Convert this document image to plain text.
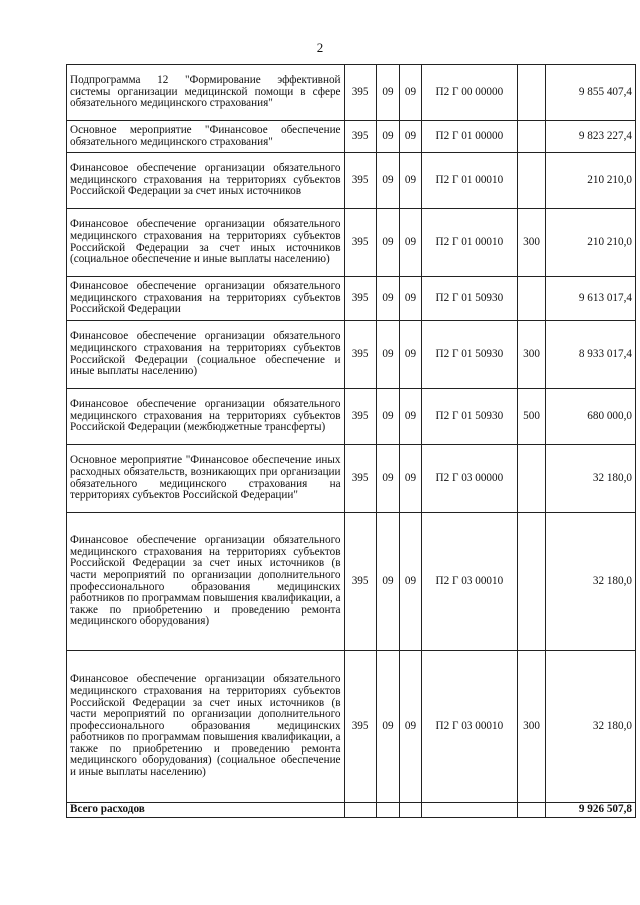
2
Подпрограмма 12 "Формирование эффективной системы организации медицинской помощи в сфере обязательного медицинского страхования"	395	09	09	П2 Г 00 00000		9 855 407,4
Основное мероприятие "Финансовое обеспечение обязательного медицинского страхования"	395	09	09	П2 Г 01 00000		9 823 227,4
Финансовое обеспечение организации обязательного медицинского страхования на территориях субъектов Российской Федерации за счет иных источников	395	09	09	П2 Г 01 00010		210 210,0
Финансовое обеспечение организации обязательного медицинского страхования на территориях субъектов Российской Федерации за счет иных источников (социальное обеспечение и иные выплаты населению)	395	09	09	П2 Г 01 00010	300	210 210,0
Финансовое обеспечение организации обязательного медицинского страхования на территориях субъектов Российской Федерации	395	09	09	П2 Г 01 50930		9 613 017,4
Финансовое обеспечение организации обязательного медицинского страхования на территориях субъектов Российской Федерации (социальное обеспечение и иные выплаты населению)	395	09	09	П2 Г 01 50930	300	8 933 017,4
Финансовое обеспечение организации обязательного медицинского страхования на территориях субъектов Российской Федерации (межбюджетные трансферты)	395	09	09	П2 Г 01 50930	500	680 000,0
Основное мероприятие "Финансовое обеспечение иных расходных обязательств, возникающих при организации обязательного медицинского страхования на территориях субъектов Российской Федерации"	395	09	09	П2 Г 03 00000		32 180,0
Финансовое обеспечение организации обязательного медицинского страхования на территориях субъектов Российской Федерации за счет иных источников (в части мероприятий по организации дополнительного профессионального образования медицинских работников по программам повышения квалификации, а также по приобретению и проведению ремонта медицинского оборудования)	395	09	09	П2 Г 03 00010		32 180,0
Финансовое обеспечение организации обязательного медицинского страхования на территориях субъектов Российской Федерации за счет иных источников (в части мероприятий по организации дополнительного профессионального образования медицинских работников по программам повышения квалификации, а также по приобретению и проведению ремонта медицинского оборудования) (социальное обеспечение и иные выплаты населению)	395	09	09	П2 Г 03 00010	300	32 180,0
Всего расходов						9 926 507,8
